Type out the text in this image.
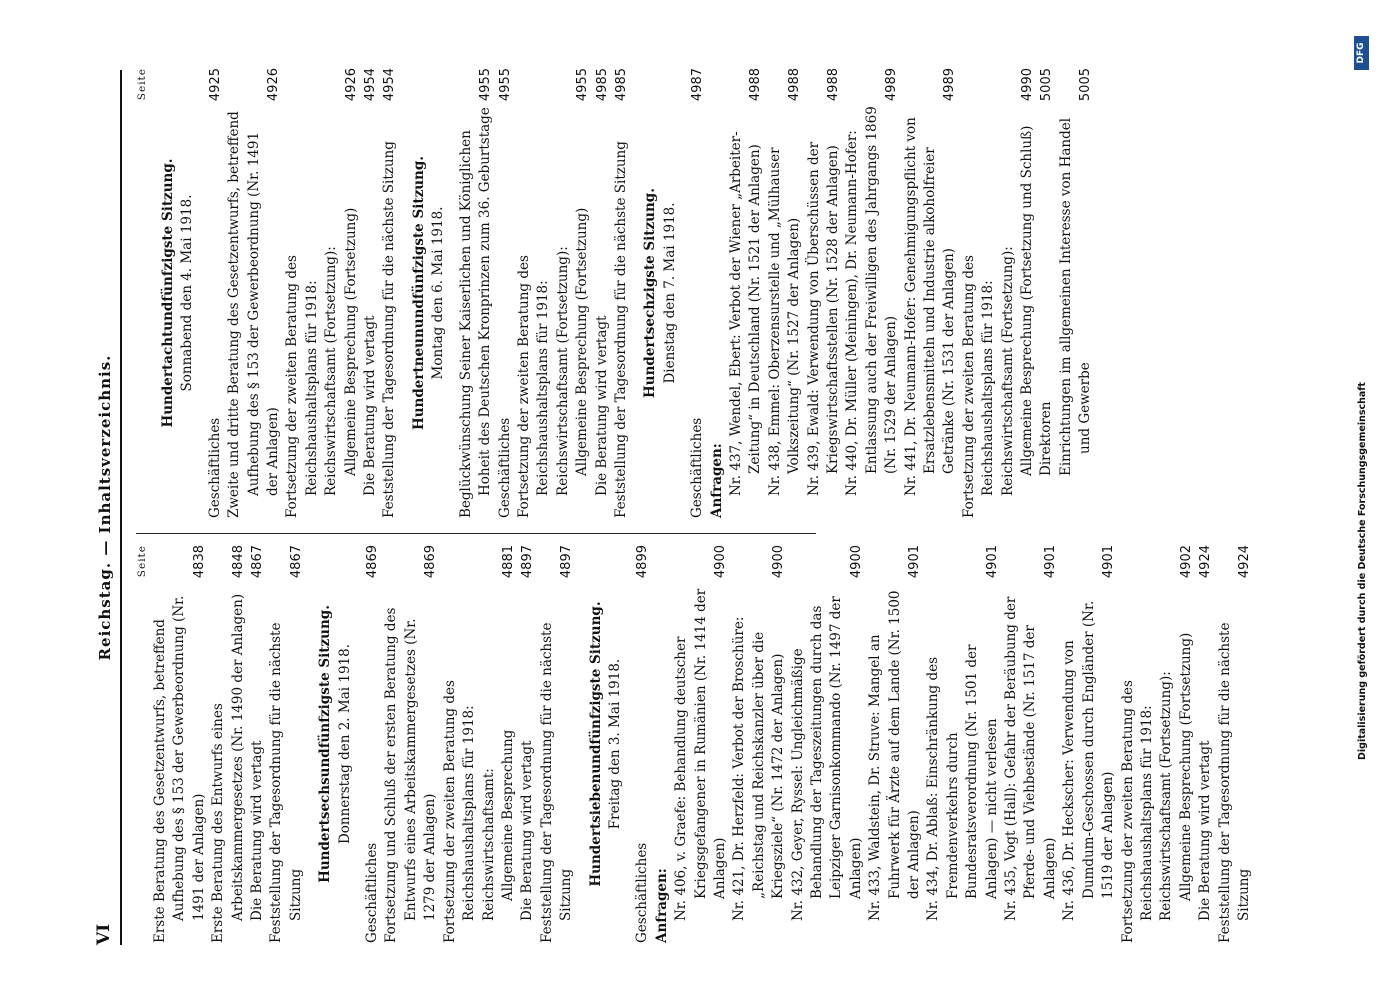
VI
Reichstag. — Inhaltsverzeichnis. Seite
Erste Beratung des Gesetzentwurfs, betreffend Aufhebung des § 153 der Gewerbeordnung (Nr. 1491 der Anlagen)
4838
Erste Beratung des Entwurfs eines Arbeitskammergesetzes (Nr. 1490 der Anlagen)
4848
Die Beratung wird vertagt
4867
Feststellung der Tagesordnung für die nächste Sitzung
4867
Hundertsechsundfünfzigste Sitzung. Donnerstag den 2. Mai 1918.
Geschäftliches
4869
Fortsetzung und Schluß der ersten Beratung des Entwurfs eines Arbeitskammergesetzes (Nr. 1279 der Anlagen)
4869
Fortsetzung der zweiten Beratung des Reichshaushaltsplans für 1918: Reichswirtschaftsamt: Allgemeine Besprechung
4881
Die Beratung wird vertagt
4897
Feststellung der Tagesordnung für die nächste Sitzung
4897
Hundertsiebenundfünfzigste Sitzung. Freitag den 3. Mai 1918.
Geschäftliches
4899
Anfragen: Nr. 406, v. Graefe: Behandlung deutscher Kriegsgefangener in Rumänien (Nr. 1414 der Anlagen)
4900
Nr. 421, Dr. Herzfeld: Verbot der Broschüre: „Reichstag und Reichskanzler über die Kriegsziele“ (Nr. 1472 der Anlagen)
4900
Nr. 432, Geyer, Ryssel: Ungleichmäßige Behandlung der Tageszeitungen durch das Leipziger Garnisonkommando (Nr. 1497 der Anlagen)
4900
Nr. 433, Waldstein, Dr. Struve: Mangel an Fuhrwerk für Ärzte auf dem Lande (Nr. 1500 der Anlagen)
4901
Nr. 434, Dr. Ablaß: Einschränkung des Fremdenverkehrs durch Bundesratsverordnung (Nr. 1501 der Anlagen) — nicht verlesen
4901
Nr. 435, Vogt (Hall): Gefahr der Beräubung der Pferde- und Viehbestände (Nr. 1517 der Anlagen)
4901
Nr. 436, Dr. Heckscher: Verwendung von Dumdum-Geschossen durch Engländer (Nr. 1519 der Anlagen)
4901
Fortsetzung der zweiten Beratung des Reichshaushaltsplans für 1918: Reichswirtschaftsamt (Fortsetzung): Allgemeine Besprechung (Fortsetzung)
4902
Die Beratung wird vertagt
4924
Feststellung der Tagesordnung für die nächste Sitzung
4924
Seite
Hundertachtundfünfzigste Sitzung. Sonnabend den 4. Mai 1918.
Geschäftliches
4925
Zweite und dritte Beratung des Gesetzentwurfs, betreffend Aufhebung des § 153 der Gewerbeordnung (Nr. 1491 der Anlagen)
4926
Fortsetzung der zweiten Beratung des Reichshaushaltsplans für 1918: Reichswirtschaftsamt (Fortsetzung): Allgemeine Besprechung (Fortsetzung)
4926
Die Beratung wird vertagt
4954
Feststellung der Tagesordnung für die nächste Sitzung
4954
Hundertneunundfünfzigste Sitzung. Montag den 6. Mai 1918. Beglückwünschung Seiner Kaiserlichen und Königlichen Hoheit des Deutschen Kronprinzen zum 36. Geburtstage
4955
Geschäftliches
4955
Fortsetzung der zweiten Beratung des Reichshaushaltsplans für 1918: Reichswirtschaftsamt (Fortsetzung): Allgemeine Besprechung (Fortsetzung)
4955
Die Beratung wird vertagt
4985
Feststellung der Tagesordnung für die nächste Sitzung
4985
Hundertsechzigste Sitzung. Dienstag den 7. Mai 1918.
Geschäftliches
4987
Anfragen: Nr. 437, Wendel, Ebert: Verbot der Wiener „Arbeiter-Zeitung“ in Deutschland (Nr. 1521 der Anlagen)
4988
Nr. 438, Emmel: Oberzensurstelle und „Mülhauser Volkszeitung“ (Nr. 1527 der Anlagen)
4988
Nr. 439, Ewald: Verwendung von Überschüssen der Kriegswirtschaftsstellen (Nr. 1528 der Anlagen)
4988
Nr. 440, Dr. Müller (Meiningen), Dr. Neumann-Hofer: Entlassung auch der Freiwilligen des Jahrgangs 1869 (Nr. 1529 der Anlagen)
4989
Nr. 441, Dr. Neumann-Hofer: Genehmigungspflicht von Ersatzlebensmitteln und Industrie alkoholfreier Getränke (Nr. 1531 der Anlagen)
4989
Fortsetzung der zweiten Beratung des Reichshaushaltsplans für 1918: Reichswirtschaftsamt (Fortsetzung): Allgemeine Besprechung (Fortsetzung und Schluß)
4990
Direktoren
5005
Einrichtungen im allgemeinen Interesse von Handel und Gewerbe
5005
Digitalisierung gefördert durch die Deutsche Forschungsgemeinschaft
DFG
